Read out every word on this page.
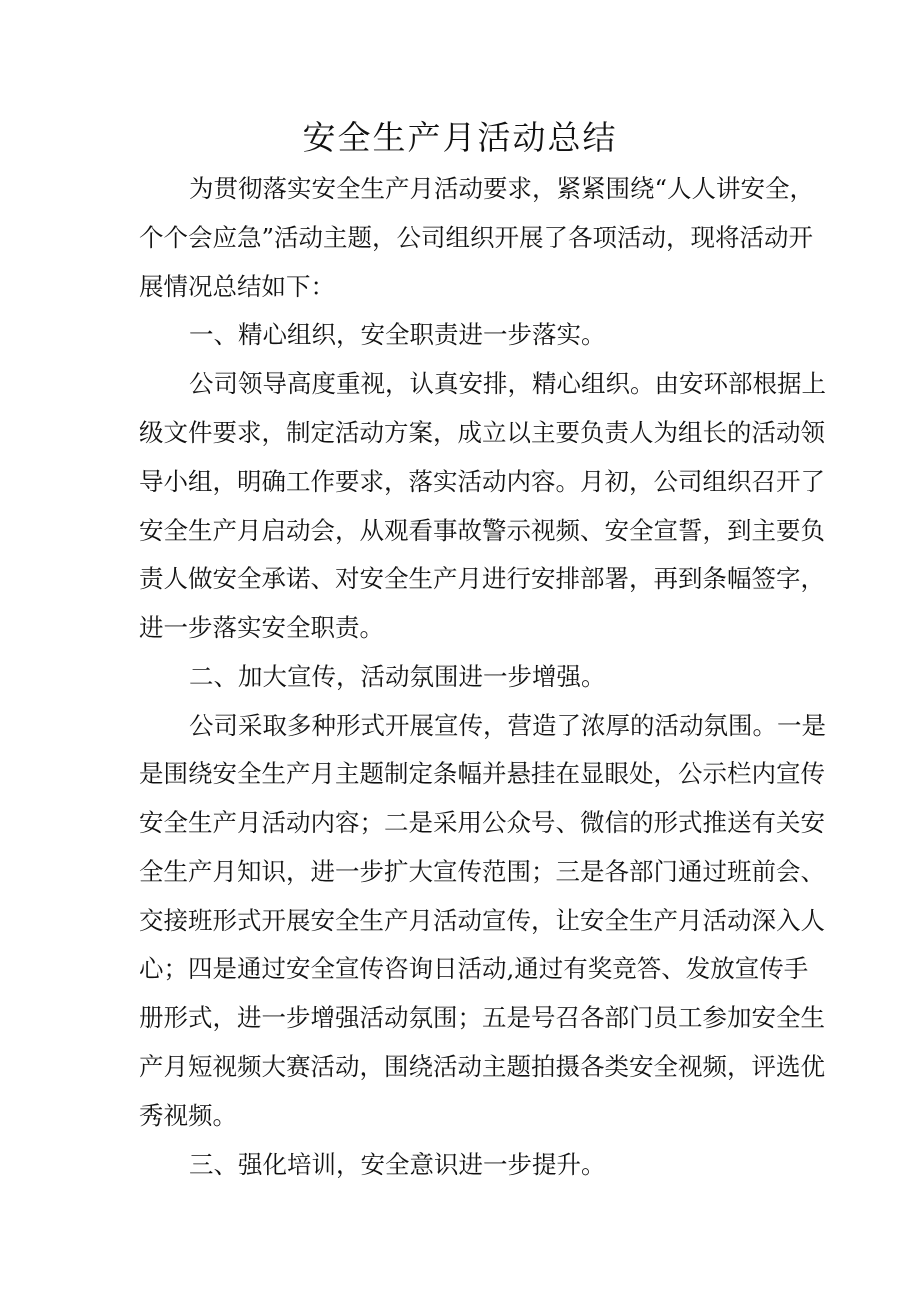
安全生产月活动总结

为贯彻落实安全生产月活动要求，紧紧围绕“人人讲安全，

个个会应急”活动主题，公司组织开展了各项活动，现将活动开

展情况总结如下：

一、精心组织，安全职责进一步落实。

公司领导高度重视，认真安排，精心组织。由安环部根据上

级文件要求，制定活动方案，成立以主要负责人为组长的活动领

导小组，明确工作要求，落实活动内容。月初，公司组织召开了

安全生产月启动会，从观看事故警示视频、安全宣誓，到主要负

责人做安全承诺、对安全生产月进行安排部署，再到条幅签字，

进一步落实安全职责。

二、加大宣传，活动氛围进一步增强。

公司采取多种形式开展宣传，营造了浓厚的活动氛围。一是

是围绕安全生产月主题制定条幅并悬挂在显眼处，公示栏内宣传

安全生产月活动内容；二是采用公众号、微信的形式推送有关安

全生产月知识，进一步扩大宣传范围；三是各部门通过班前会、

交接班形式开展安全生产月活动宣传，让安全生产月活动深入人

心；四是通过安全宣传咨询日活动,通过有奖竞答、发放宣传手

册形式，进一步增强活动氛围；五是号召各部门员工参加安全生

产月短视频大赛活动，围绕活动主题拍摄各类安全视频，评选优

秀视频。

三、强化培训，安全意识进一步提升。
